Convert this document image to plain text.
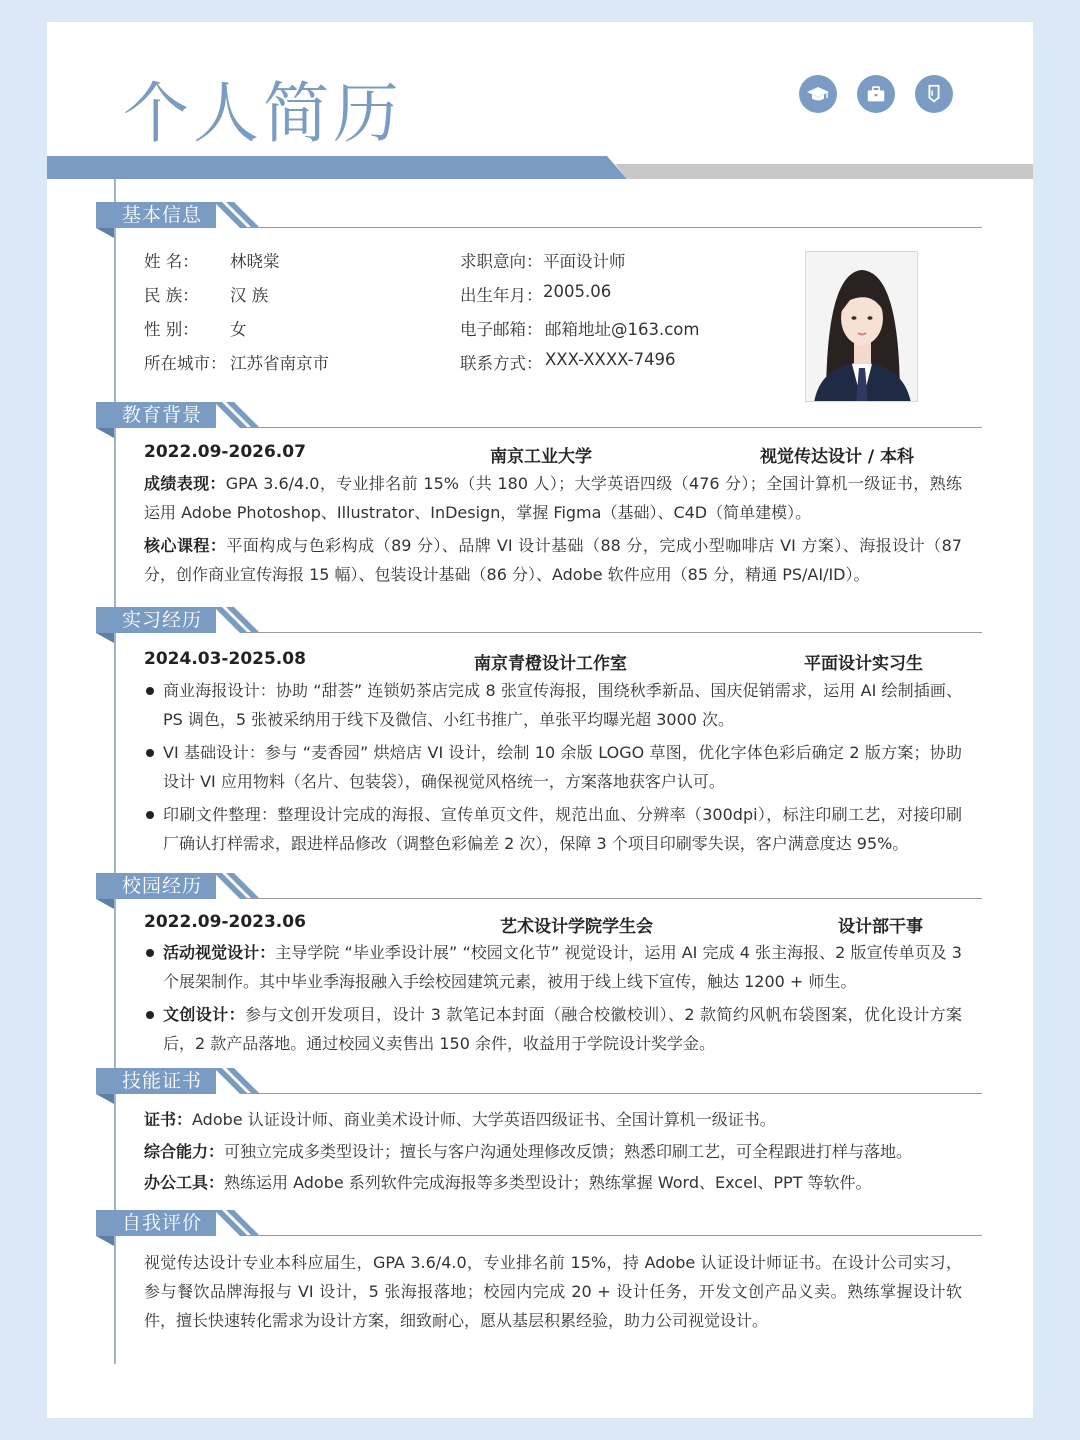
个人简历
基本信息
姓 名： 林晓棠
民 族： 汉 族
性 别： 女
所在城市： 江苏省南京市
求职意向： 平面设计师
出生年月： 2005.06
电子邮箱： 邮箱地址@163.com
联系方式： XXX-XXXX-7496
教育背景
2022.09-2026.07	南京工业大学	视觉传达设计 / 本科
成绩表现：GPA 3.6/4.0，专业排名前 15%（共 180 人）；大学英语四级（476 分）；全国计算机一级证书，熟练运用 Adobe Photoshop、Illustrator、InDesign，掌握 Figma（基础）、C4D（简单建模）。
核心课程：平面构成与色彩构成（89 分）、品牌 VI 设计基础（88 分，完成小型咖啡店 VI 方案）、海报设计（87 分，创作商业宣传海报 15 幅）、包装设计基础（86 分）、Adobe 软件应用（85 分，精通 PS/AI/ID）。
实习经历
2024.03-2025.08	南京青橙设计工作室	平面设计实习生
商业海报设计：协助 “甜荟” 连锁奶茶店完成 8 张宣传海报，围绕秋季新品、国庆促销需求，运用 AI 绘制插画、PS 调色，5 张被采纳用于线下及微信、小红书推广，单张平均曝光超 3000 次。
VI 基础设计：参与 “麦香园” 烘焙店 VI 设计，绘制 10 余版 LOGO 草图，优化字体色彩后确定 2 版方案；协助设计 VI 应用物料（名片、包装袋），确保视觉风格统一，方案落地获客户认可。
印刷文件整理：整理设计完成的海报、宣传单页文件，规范出血、分辨率（300dpi），标注印刷工艺，对接印刷厂确认打样需求，跟进样品修改（调整色彩偏差 2 次），保障 3 个项目印刷零失误，客户满意度达 95%。
校园经历
2022.09-2023.06	艺术设计学院学生会	设计部干事
活动视觉设计：主导学院 “毕业季设计展” “校园文化节” 视觉设计，运用 AI 完成 4 张主海报、2 版宣传单页及 3 个展架制作。其中毕业季海报融入手绘校园建筑元素，被用于线上线下宣传，触达 1200 + 师生。
文创设计：参与文创开发项目，设计 3 款笔记本封面（融合校徽校训）、2 款简约风帆布袋图案，优化设计方案后，2 款产品落地。通过校园义卖售出 150 余件，收益用于学院设计奖学金。
技能证书
证书：Adobe 认证设计师、商业美术设计师、大学英语四级证书、全国计算机一级证书。
综合能力：可独立完成多类型设计；擅长与客户沟通处理修改反馈；熟悉印刷工艺，可全程跟进打样与落地。
办公工具：熟练运用 Adobe 系列软件完成海报等多类型设计；熟练掌握 Word、Excel、PPT 等软件。
自我评价
视觉传达设计专业本科应届生，GPA 3.6/4.0，专业排名前 15%，持 Adobe 认证设计师证书。在设计公司实习，参与餐饮品牌海报与 VI 设计，5 张海报落地；校园内完成 20 + 设计任务，开发文创产品义卖。熟练掌握设计软件，擅长快速转化需求为设计方案，细致耐心，愿从基层积累经验，助力公司视觉设计。
